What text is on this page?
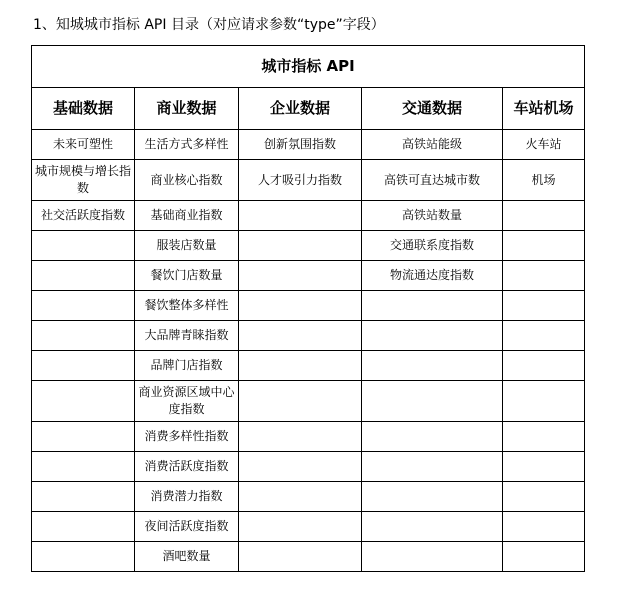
1、知城城市指标 API 目录（对应请求参数“type”字段）
城市指标 API				
基础数据	商业数据	企业数据	交通数据	车站机场
未来可塑性	生活方式多样性	创新氛围指数	高铁站能级	火车站
城市规模与增长指数	商业核心指数	人才吸引力指数	高铁可直达城市数	机场
社交活跃度指数	基础商业指数		高铁站数量	
	服装店数量		交通联系度指数	
	餐饮门店数量		物流通达度指数	
	餐饮整体多样性			
	大品牌青睐指数			
	品牌门店指数			
	商业资源区域中心度指数			
	消费多样性指数			
	消费活跃度指数			
	消费潜力指数			
	夜间活跃度指数			
	酒吧数量			
